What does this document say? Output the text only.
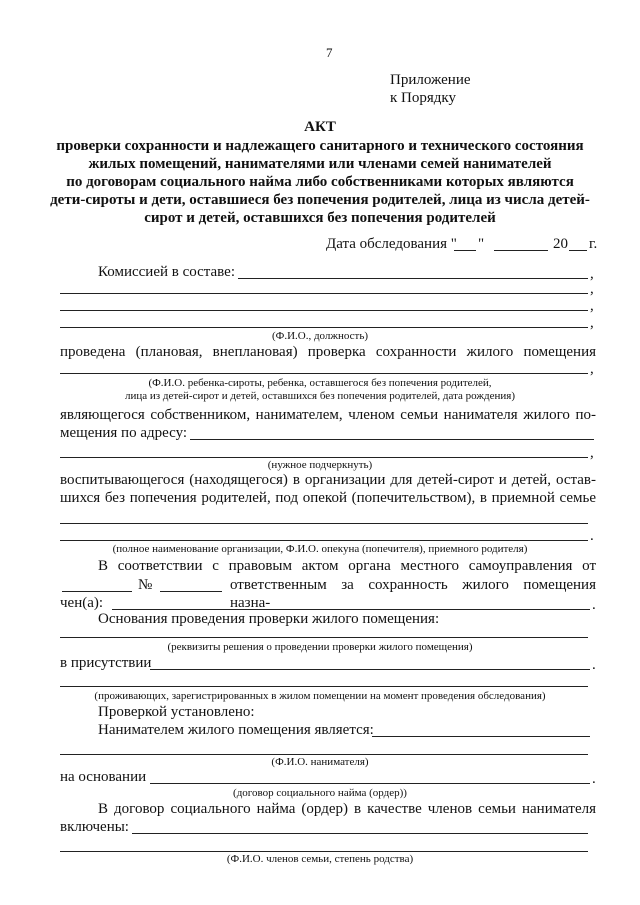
7
Приложение
к Порядку
АКТ
проверки сохранности и надлежащего санитарного и технического состояния
жилых помещений, нанимателями или членами семей нанимателей
по договорам социального найма либо собственниками которых являются
дети-сироты и дети, оставшиеся без попечения родителей, лица из числа детей-
сирот и детей, оставшихся без попечения родителей
Дата обследования " "	20 г.
Комиссией в составе:	,
,
,
,
(Ф.И.О., должность)
проведена (плановая, внеплановая) проверка сохранности жилого помещения
,
(Ф.И.О. ребенка-сироты, ребенка, оставшегося без попечения родителей,
лица из детей-сирот и детей, оставшихся без попечения родителей, дата рождения)
являющегося собственником, нанимателем, членом семьи нанимателя жилого по-
мещения по адресу:
,
(нужное подчеркнуть)
воспитывающегося (находящегося) в организации для детей-сирот и детей, остав-
шихся без попечения родителей, под опекой (попечительством), в приемной семье
.
(полное наименование организации, Ф.И.О. опекуна (попечителя), приемного родителя)
В соответствии с правовым актом органа местного самоуправления от
№	ответственным за сохранность жилого помещения назна-
чен(а):	.
Основания проведения проверки жилого помещения:
(реквизиты решения о проведении проверки жилого помещения)
в присутствии	.
(проживающих, зарегистрированных в жилом помещении на момент проведения обследования)
Проверкой установлено:
Нанимателем жилого помещения является:
(Ф.И.О. нанимателя)
на основании	.
(договор социального найма (ордер))
В договор социального найма (ордер) в качестве членов семьи нанимателя
включены:
(Ф.И.О. членов семьи, степень родства)
